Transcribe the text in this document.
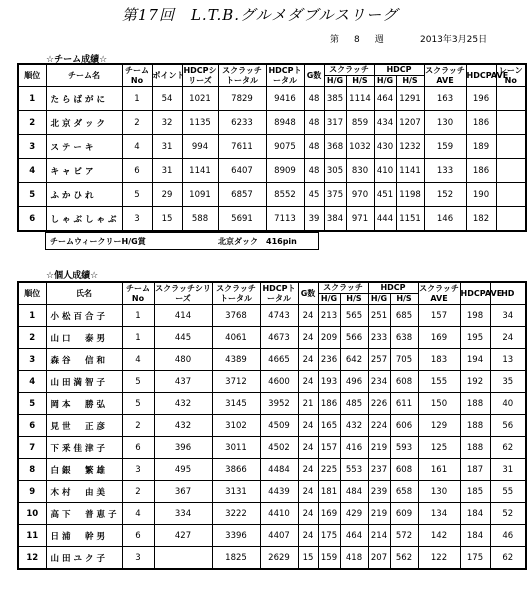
第17回　L.T.B.グルメダブルスリーグ
第　8　週	2013年3月25日
☆チーム成績☆
順位	チーム名	チームNo	ポイント	HDCPシリーズ	スクラッチトータル	HDCPトータル	G数	スクラッチ		HDCP		スクラッチAVE	HDCPAVE	レーンNo
								H/G	H/S	H/G	H/S			
1	たらばがに	1	54	1021	7829	9416	48	385	1114	464	1291	163	196	
2	北京ダック	2	32	1135	6233	8948	48	317	859	434	1207	130	186	
3	ステーキ	4	31	994	7611	9075	48	368	1032	430	1232	159	189	
4	キャビア	6	31	1141	6407	8909	48	305	830	410	1141	133	186	
5	ふかひれ	5	29	1091	6857	8552	45	375	970	451	1198	152	190	
6	しゃぶしゃぶ	3	15	588	5691	7113	39	384	971	444	1151	146	182	
チームウィークリーH/G賞	北京ダック　416pin
☆個人成績☆
順位	氏名	チームNo	スクラッチシリーズ	スクラッチトータル	HDCPトータル	G数	スクラッチ		HDCP		スクラッチAVE	HDCPAVE	HD
							H/G	H/S	H/G	H/S			
1	小松百合子	1	414	3768	4743	24	213	565	251	685	157	198	34
2	山口　泰男	1	445	4061	4673	24	209	566	233	638	169	195	24
3	森谷　信和	4	480	4389	4665	24	236	642	257	705	183	194	13
4	山田満智子	5	437	3712	4600	24	193	496	234	608	155	192	35
5	岡本　勝弘	5	432	3145	3952	21	186	485	226	611	150	188	40
6	見世　正彦	2	432	3102	4509	24	165	432	224	606	129	188	56
7	下釆佳津子	6	396	3011	4502	24	157	416	219	593	125	188	62
8	白銀　繁雄	3	495	3866	4484	24	225	553	237	608	161	187	31
9	木村　由美	2	367	3131	4439	24	181	484	239	658	130	185	55
10	高下　普恵子	4	334	3222	4410	24	169	429	219	609	134	184	52
11	日浦　幹男	6	427	3396	4407	24	175	464	214	572	142	184	46
12	山田ユク子	3		1825	2629	15	159	418	207	562	122	175	62
